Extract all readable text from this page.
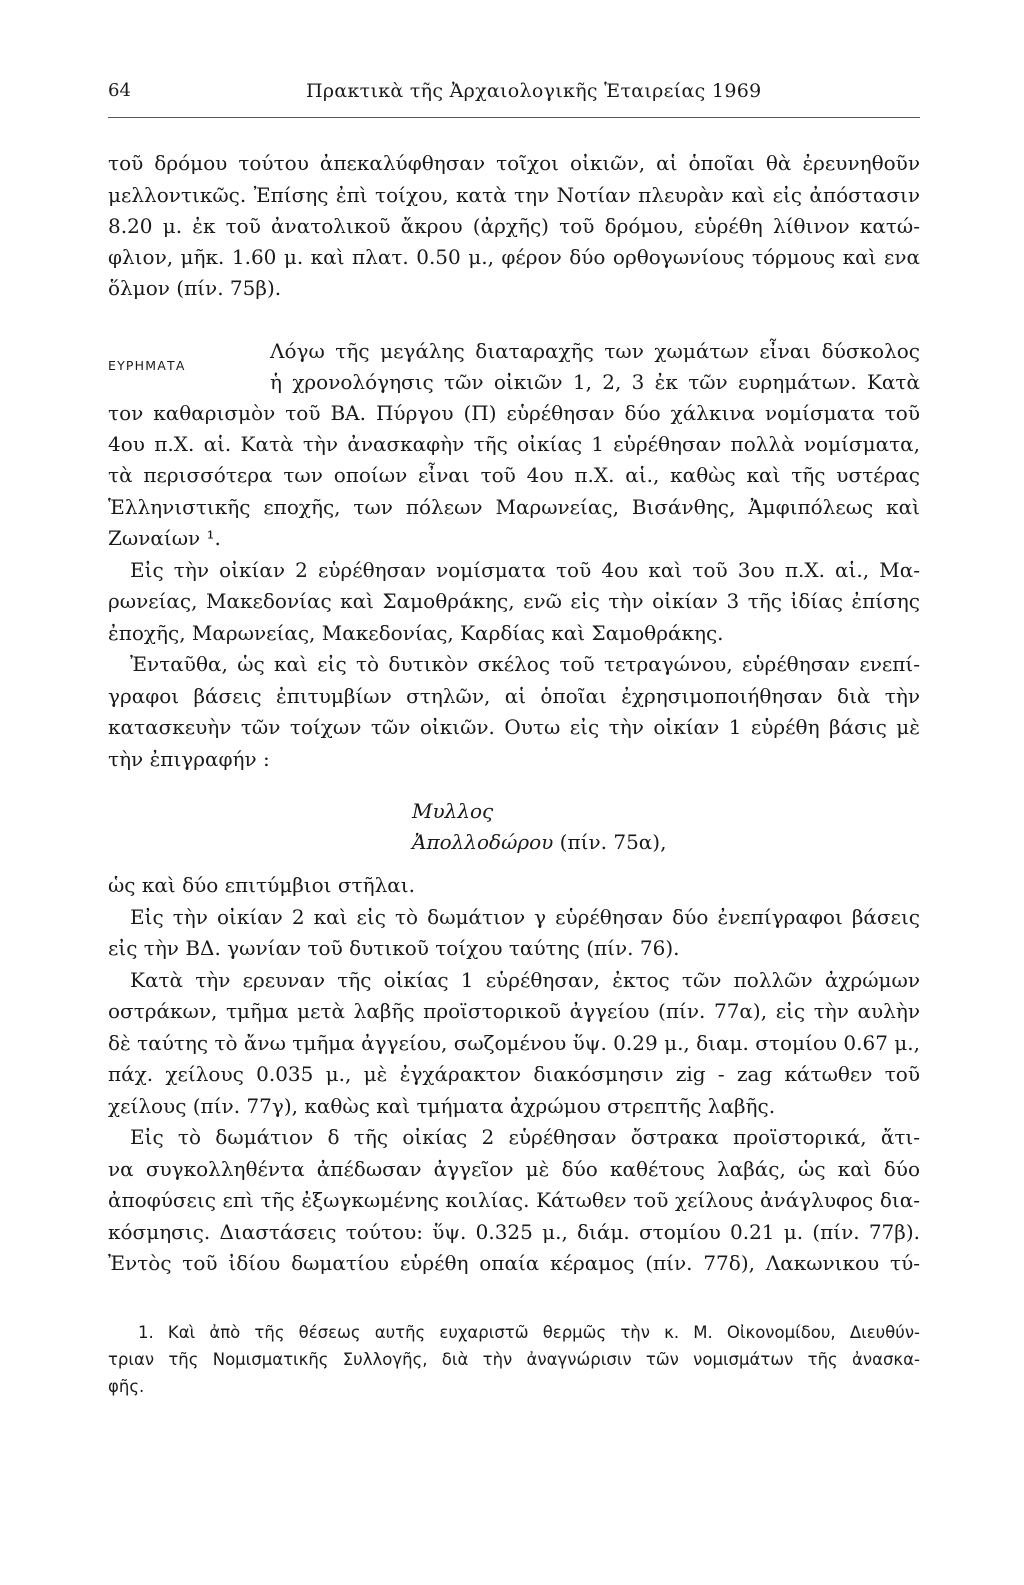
64	Πρακτικὰ τῆς Ἀρχαιολογικῆς Ἑταιρείας 1969
τοῦ δρόμου τούτου ἀπεκαλύφθησαν τοῖχοι οἰκιῶν, αἱ ὁποῖαι θὰ ἐρευνηθοῦν
μελλοντικῶς. Ἐπίσης ἐπὶ τοίχου, κατὰ την Νοτίαν πλευρὰν καὶ εἰς ἀπόστασιν
8.20 μ. ἐκ τοῦ ἀνατολικοῦ ἄκρου (ἀρχῆς) τοῦ δρόμου, εὑρέθη λίθινον κατώ-
φλιον, μῆκ. 1.60 μ. καὶ πλατ. 0.50 μ., φέρον δύο ορθογωνίους τόρμους καὶ ενα
ὅλμον (πίν. 75β).
ΕΥΡΗΜΑΤΑ
Λόγω τῆς μεγάλης διαταραχῆς των χωμάτων εἶναι δύσκολος
ἡ χρονολόγησις τῶν οἰκιῶν 1, 2, 3 ἐκ τῶν ευρημάτων. Κατὰ
τον καθαρισμὸν τοῦ ΒΑ. Πύργου (Π) εὑρέθησαν δύο χάλκινα νομίσματα τοῦ
4ου π.Χ. αἱ. Κατὰ τὴν ἀνασκαφὴν τῆς οἰκίας 1 εὑρέθησαν πολλὰ νομίσματα,
τὰ περισσότερα των οποίων εἶναι τοῦ 4ου π.Χ. αἱ., καθὼς καὶ τῆς υστέρας
Ἑλληνιστικῆς εποχῆς, των πόλεων Μαρωνείας, Βισάνθης, Ἀμφιπόλεως καὶ
Ζωναίων ¹.
Εἰς τὴν οἰκίαν 2 εὑρέθησαν νομίσματα τοῦ 4ου καὶ τοῦ 3ου π.Χ. αἱ., Μα-
ρωνείας, Μακεδονίας καὶ Σαμοθράκης, ενῶ εἰς τὴν οἰκίαν 3 τῆς ἰδίας ἐπίσης
ἐποχῆς, Μαρωνείας, Μακεδονίας, Καρδίας καὶ Σαμοθράκης.
Ἐνταῦθα, ὡς καὶ εἰς τὸ δυτικὸν σκέλος τοῦ τετραγώνου, εὑρέθησαν ενεπί-
γραφοι βάσεις ἐπιτυμβίων στηλῶν, αἱ ὁποῖαι ἐχρησιμοποιήθησαν διὰ τὴν
κατασκευὴν τῶν τοίχων τῶν οἰκιῶν. Ουτω εἰς τὴν οἰκίαν 1 εὑρέθη βάσις μὲ
τὴν ἐπιγραφήν :
Μυλλος
Ἀπολλοδώρου (πίν. 75α),
ὡς καὶ δύο επιτύμβιοι στῆλαι.
Εἰς τὴν οἰκίαν 2 καὶ εἰς τὸ δωμάτιον γ εὑρέθησαν δύο ἐνεπίγραφοι βάσεις
εἰς τὴν ΒΔ. γωνίαν τοῦ δυτικοῦ τοίχου ταύτης (πίν. 76).
Κατὰ τὴν ερευναν τῆς οἰκίας 1 εὑρέθησαν, ἐκτος τῶν πολλῶν ἀχρώμων
οστράκων, τμῆμα μετὰ λαβῆς προϊστορικοῦ ἀγγείου (πίν. 77α), εἰς τὴν αυλὴν
δὲ ταύτης τὸ ἄνω τμῆμα ἀγγείου, σωζομένου ὕψ. 0.29 μ., διαμ. στομίου 0.67 μ.,
πάχ. χείλους 0.035 μ., μὲ ἐγχάρακτον διακόσμησιν zig - zag κάτωθεν τοῦ
χείλους (πίν. 77γ), καθὼς καὶ τμήματα ἀχρώμου στρεπτῆς λαβῆς.
Εἰς τὸ δωμάτιον δ τῆς οἰκίας 2 εὑρέθησαν ὄστρακα προϊστορικά, ἄτι-
να συγκολληθέντα ἀπέδωσαν ἀγγεῖον μὲ δύο καθέτους λαβάς, ὡς καὶ δύο
ἀποφύσεις επὶ τῆς ἐξωγκωμένης κοιλίας. Κάτωθεν τοῦ χείλους ἀνάγλυφος δια-
κόσμησις. Διαστάσεις τούτου: ὕψ. 0.325 μ., διάμ. στομίου 0.21 μ. (πίν. 77β).
Ἐντὸς τοῦ ἰδίου δωματίου εὑρέθη οπαία κέραμος (πίν. 77δ), Λακωνικου τύ-
1. Καὶ ἀπὸ τῆς θέσεως αυτῆς ευχαριστῶ θερμῶς τὴν κ. Μ. Οἰκονομίδου, Διευθύν-
τριαν τῆς Νομισματικῆς Συλλογῆς, διὰ τὴν ἀναγνώρισιν τῶν νομισμάτων τῆς ἀνασκα-
φῆς.
